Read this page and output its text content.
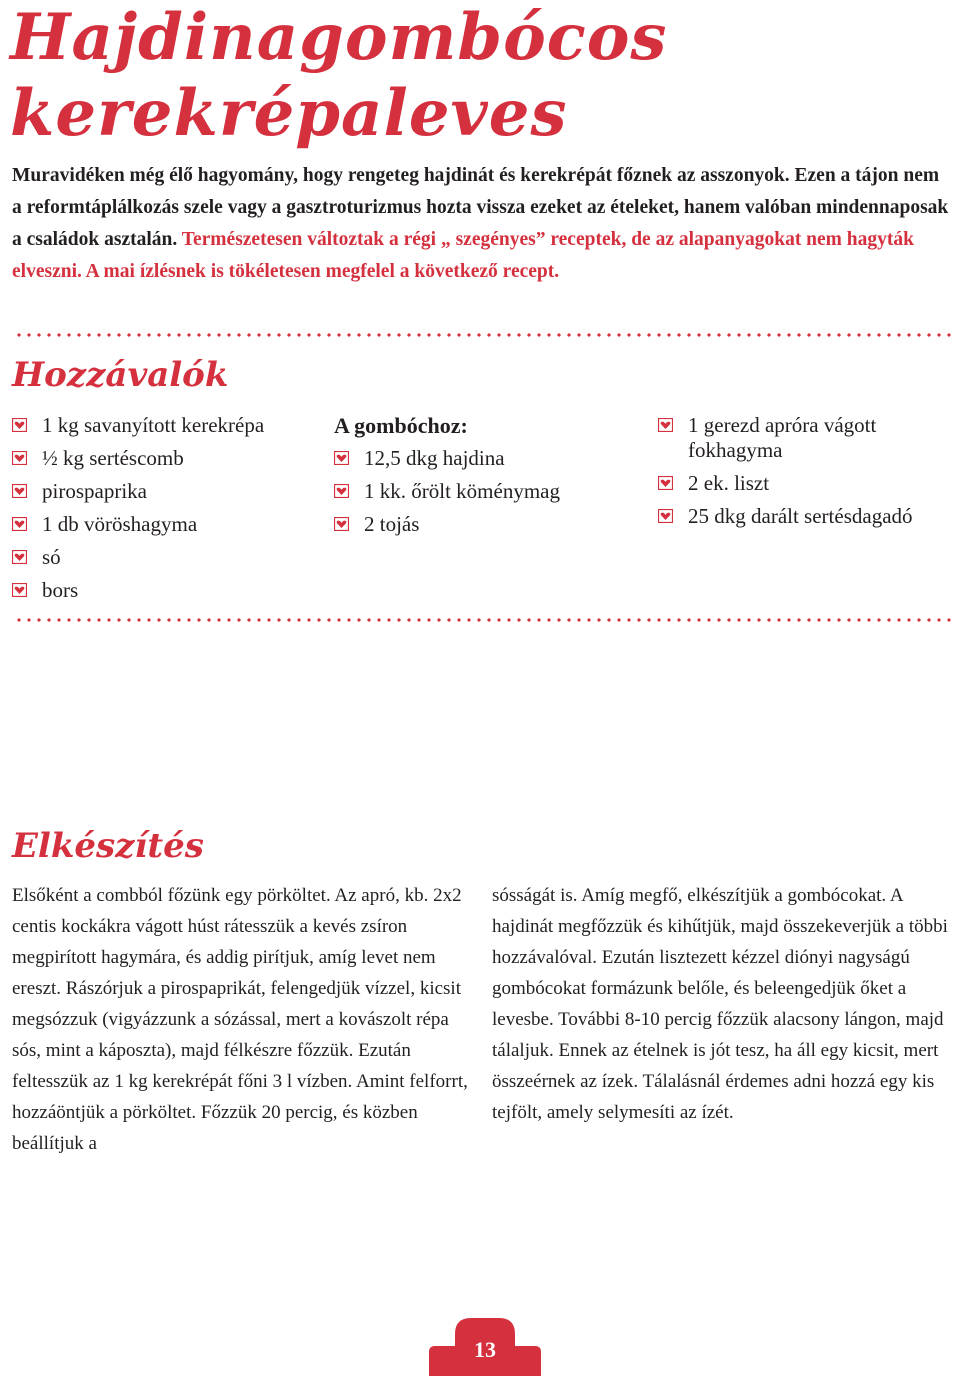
Hajdinagombócos
kerekrépaleves

Muravidéken még élő hagyomány, hogy rengeteg hajdinát és kerekrépát főznek az asszonyok. Ezen a tájon nem a reformtáplálkozás szele vagy a gasztroturizmus hozta vissza ezeket az ételeket, hanem valóban mindennaposak a családok asztalán. Természetesen változtak a régi „ szegényes” receptek, de az alapanyagokat nem hagyták elveszni. A mai ízlésnek is tökéletesen megfelel a következő recept.

Hozzávalók
1 kg savanyított kerekrépa
½ kg sertéscomb
pirospaprika
1 db vöröshagyma
só
bors
A gombóchoz:
12,5 dkg hajdina
1 kk. őrölt köménymag
2 tojás
1 gerezd apróra vágott fokhagyma
2 ek. liszt
25 dkg darált sertésdagadó
Elkészítés

Elsőként a combból főzünk egy pörköltet. Az apró, kb. 2x2 centis kockákra vágott húst rátesszük a kevés zsíron megpirított hagymára, és addig pirítjuk, amíg levet nem ereszt. Rászórjuk a pirospaprikát, felengedjük vízzel, kicsit megsózzuk (vigyázzunk a sózással, mert a kovászolt répa sós, mint a káposzta), majd félkészre főzzük. Ezután feltesszük az 1 kg kerekrépát főni 3 l vízben. Amint felforrt, hozzáöntjük a pörköltet. Főzzük 20 percig, és közben beállítjuk a

sósságát is. Amíg megfő, elkészítjük a gombócokat. A hajdinát megfőzzük és kihűtjük, majd összekeverjük a többi hozzávalóval. Ezután lisztezett kézzel diónyi nagyságú gombócokat formázunk belőle, és beleengedjük őket a levesbe. További 8-10 percig főzzük alacsony lángon, majd tálaljuk. Ennek az ételnek is jót tesz, ha áll egy kicsit, mert összeérnek az ízek. Tálalásnál érdemes adni hozzá egy kis tejfölt, amely selymesíti az ízét.

13
